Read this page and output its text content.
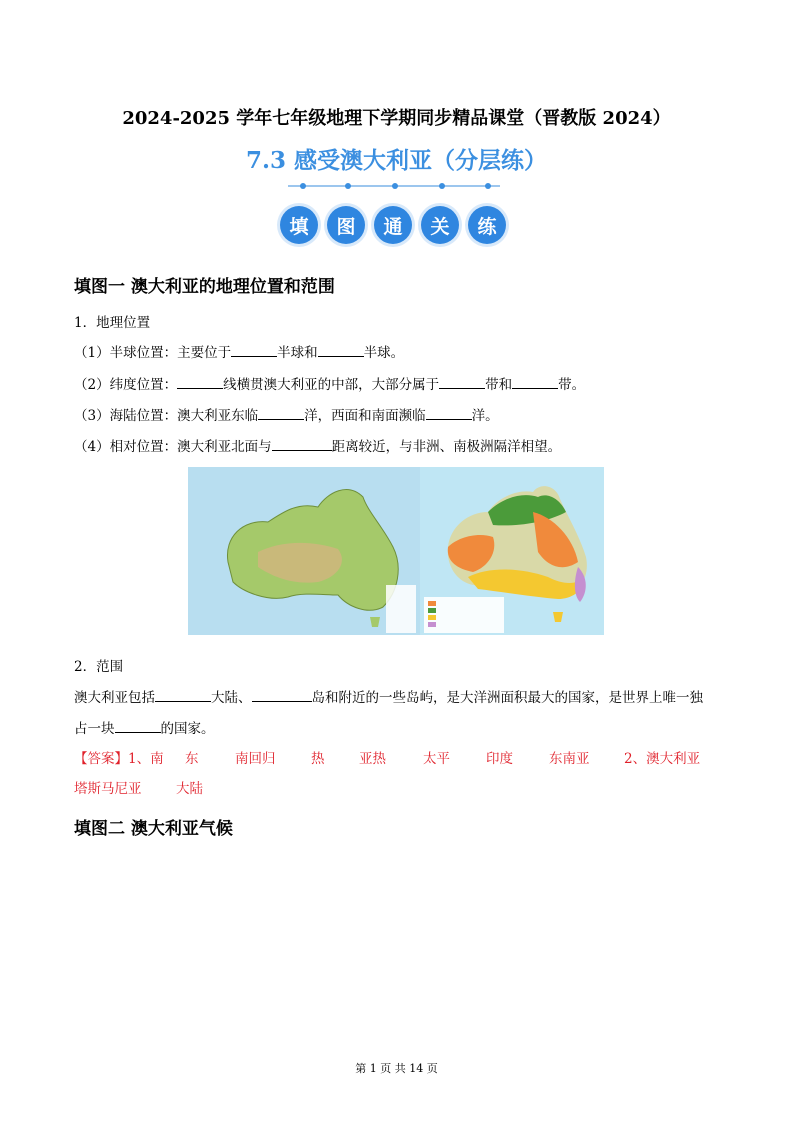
2024-2025 学年七年级地理下学期同步精品课堂（晋教版 2024）
7.3 感受澳大利亚（分层练）
填	图	通	关	练
填图一 澳大利亚的地理位置和范围
1．地理位置
（1）半球位置：主要位于	半球和	半球。
（2）纬度位置：	线横贯澳大利亚的中部，大部分属于	带和	带。
（3）海陆位置：澳大利亚东临	洋，西面和南面濒临	洋。
（4）相对位置：澳大利亚北面与	距离较近，与非洲、南极洲隔洋相望。
2．范围
澳大利亚包括	大陆、	岛和附近的一些岛屿，是大洋洲面积最大的国家，是世界上唯一独
占一块	的国家。
【答案】1、南 东	南回归	热	亚热	太平	印度	东南亚	2、澳大利亚
塔斯马尼亚	大陆
填图二 澳大利亚气候
第 1 页 共 14 页
